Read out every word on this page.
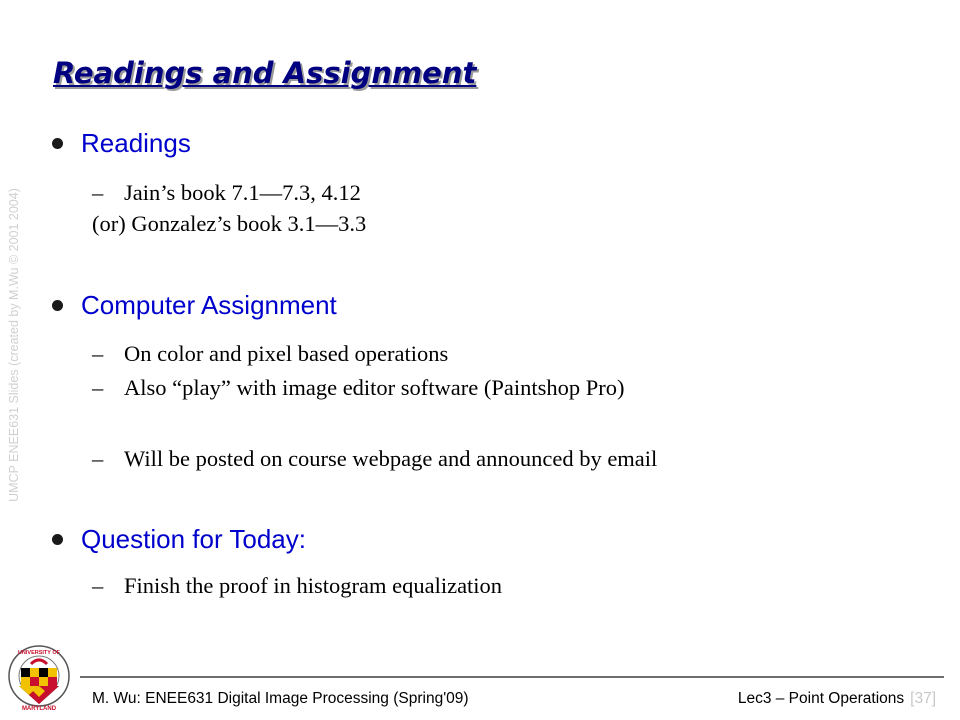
Readings and Assignment
UMCP ENEE631 Slides (created by M.Wu © 2001 2004)
Readings
– Jain’s book 7.1—7.3, 4.12
(or) Gonzalez’s book 3.1—3.3
Computer Assignment
– On color and pixel based operations
– Also “play” with image editor software (Paintshop Pro)
– Will be posted on course webpage and announced by email
Question for Today:
– Finish the proof in histogram equalization
UNIVERSITY OF
MARYLAND
M. Wu: ENEE631 Digital Image Processing (Spring'09)	Lec3 – Point Operations [37]
